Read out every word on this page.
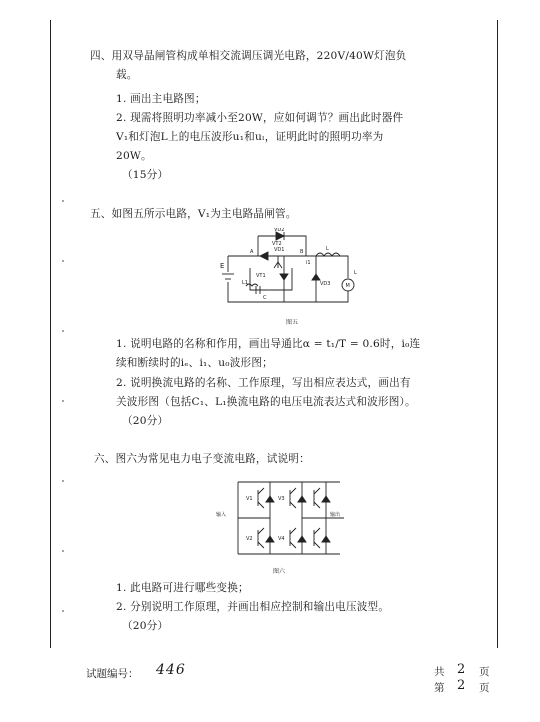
四、用双导晶闸管构成单相交流调压调光电路，220V/40W灯泡负
载。
1. 画出主电路图；
2. 现需将照明功率减小至20W，应如何调节？画出此时器件
V₁和灯泡L上的电压波形u₁和uₗ，证明此时的照明功率为
20W。
（15分）
五、如图五所示电路，V₁为主电路晶闸管。
VD2
VT2
VD1
A	B
i1
L
L
E
VT1
VD3
C
M
L1
图五
1. 说明电路的名称和作用，画出导通比α = t₁/T = 0.6时，i₀连
续和断续时的iₑ、i₁、u₀波形图；
2. 说明换流电路的名称、工作原理，写出相应表达式，画出有
关波形图（包括C₁、L₁换流电路的电压电流表达式和波形图）。
（20分）
六、图六为常见电力电子变流电路，试说明：
输入	输出
V1
V2
V3
V4
图六
1. 此电路可进行哪些变换；
2. 分别说明工作原理，并画出相应控制和输出电压波型。
（20分）
试题编号： 446	共 2 页
第 2 页
